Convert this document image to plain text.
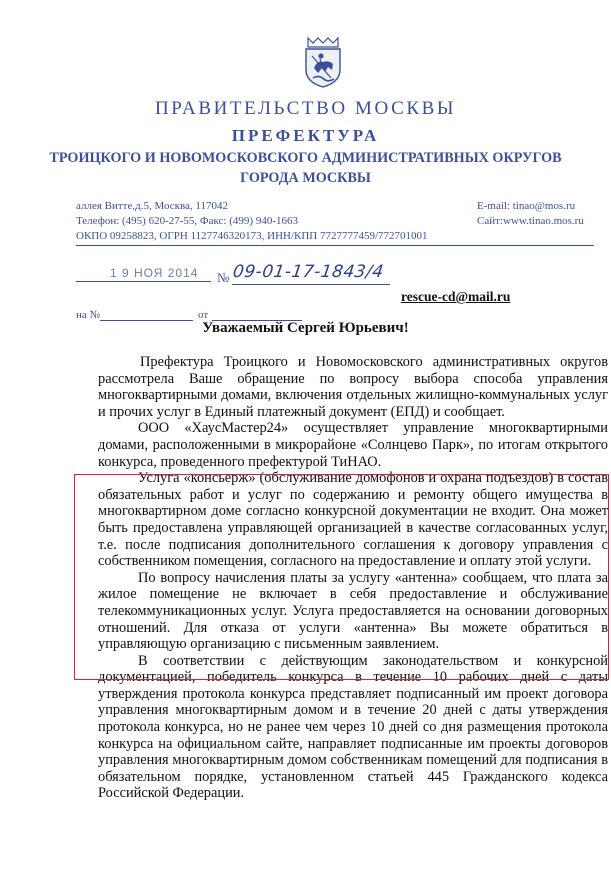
ПРАВИТЕЛЬСТВО МОСКВЫ
ПРЕФЕКТУРА
ТРОИЦКОГО И НОВОМОСКОВСКОГО АДМИНИСТРАТИВНЫХ ОКРУГОВ
ГОРОДА МОСКВЫ
аллея Витте,д.5, Москва, 117042
Телефон: (495) 620-27-55, Факс: (499) 940-1663
ОКПО 09258823, ОГРН 1127746320173, ИНН/КПП 7727777459/772701001
E-mail: tinao@mos.ru
Сайт:www.tinao.mos.ru
1 9 НОЯ 2014 № 09-01-17-1843/4
rescue-cd@mail.ru
на №	от
Уважаемый Сергей Юрьевич!

Префектура Троицкого и Новомосковского административных округов рассмотрела Ваше обращение по вопросу выбора способа управления многоквартирными домами, включения отдельных жилищно-коммунальных услуг и прочих услуг в Единый платежный документ (ЕПД) и сообщает.

ООО «ХаусМастер24» осуществляет управление многоквартирными домами, расположенными в микрорайоне «Солнцево Парк», по итогам открытого конкурса, проведенного префектурой ТиНАО.

Услуга «консьерж» (обслуживание домофонов и охрана подъездов) в состав обязательных работ и услуг по содержанию и ремонту общего имущества в многоквартирном доме согласно конкурсной документации не входит. Она может быть предоставлена управляющей организацией в качестве согласованных услуг, т.е. после подписания дополнительного соглашения к договору управления с собственником помещения, согласного на предоставление и оплату этой услуги.

По вопросу начисления платы за услугу «антенна» сообщаем, что плата за жилое помещение не включает в себя предоставление и обслуживание телекоммуникационных услуг. Услуга предоставляется на основании договорных отношений. Для отказа от услуги «антенна» Вы можете обратиться в управляющую организацию с письменным заявлением.

В соответствии с действующим законодательством и конкурсной документацией, победитель конкурса в течение 10 рабочих дней с даты утверждения протокола конкурса представляет подписанный им проект договора управления многоквартирным домом и в течение 20 дней с даты утверждения протокола конкурса, но не ранее чем через 10 дней со дня размещения протокола конкурса на официальном сайте, направляет подписанные им проекты договоров управления многоквартирным домом собственникам помещений для подписания в обязательном порядке, установленном статьей 445 Гражданского кодекса Российской Федерации.
